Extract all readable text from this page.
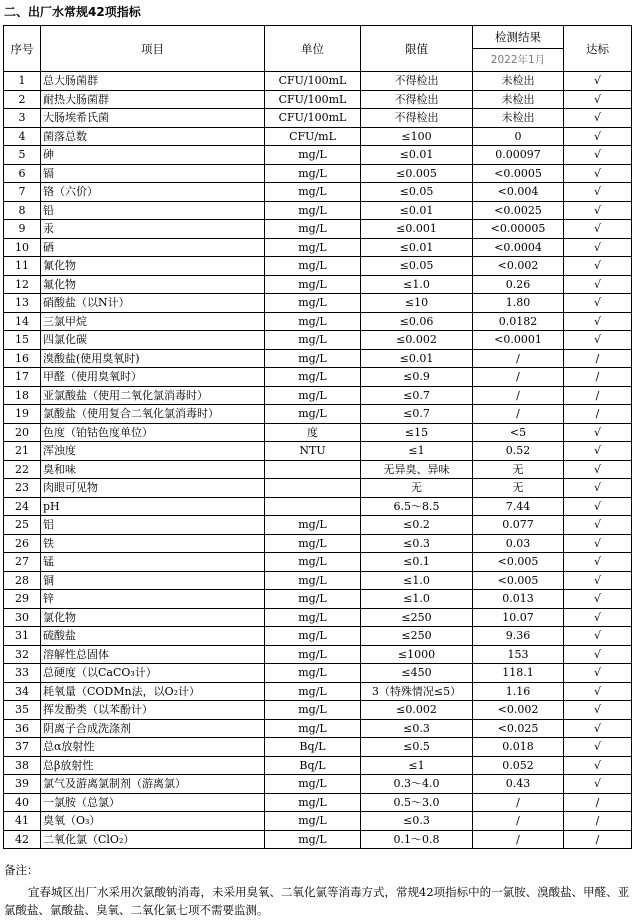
二、出厂水常规42项指标
序号	项目	单位	限值	检测结果	达标
				2022年1月	
1	总大肠菌群	CFU/100mL	不得检出	未检出	√
2	耐热大肠菌群	CFU/100mL	不得检出	未检出	√
3	大肠埃希氏菌	CFU/100mL	不得检出	未检出	√
4	菌落总数	CFU/mL	≤100	0	√
5	砷	mg/L	≤0.01	0.00097	√
6	镉	mg/L	≤0.005	<0.0005	√
7	铬（六价）	mg/L	≤0.05	<0.004	√
8	铅	mg/L	≤0.01	<0.0025	√
9	汞	mg/L	≤0.001	<0.00005	√
10	硒	mg/L	≤0.01	<0.0004	√
11	氰化物	mg/L	≤0.05	<0.002	√
12	氟化物	mg/L	≤1.0	0.26	√
13	硝酸盐（以N计）	mg/L	≤10	1.80	√
14	三氯甲烷	mg/L	≤0.06	0.0182	√
15	四氯化碳	mg/L	≤0.002	<0.0001	√
16	溴酸盐(使用臭氧时)	mg/L	≤0.01	/	/
17	甲醛（使用臭氧时）	mg/L	≤0.9	/	/
18	亚氯酸盐（使用二氧化氯消毒时）	mg/L	≤0.7	/	/
19	氯酸盐（使用复合二氧化氯消毒时）	mg/L	≤0.7	/	/
20	色度（铂钴色度单位）	度	≤15	<5	√
21	浑浊度	NTU	≤1	0.52	√
22	臭和味		无异臭、异味	无	√
23	肉眼可见物		无	无	√
24	pH		6.5～8.5	7.44	√
25	铝	mg/L	≤0.2	0.077	√
26	铁	mg/L	≤0.3	0.03	√
27	锰	mg/L	≤0.1	<0.005	√
28	铜	mg/L	≤1.0	<0.005	√
29	锌	mg/L	≤1.0	0.013	√
30	氯化物	mg/L	≤250	10.07	√
31	硫酸盐	mg/L	≤250	9.36	√
32	溶解性总固体	mg/L	≤1000	153	√
33	总硬度（以CaCO₃计）	mg/L	≤450	118.1	√
34	耗氧量（CODMn法，以O₂计）	mg/L	3（特殊情况≤5）	1.16	√
35	挥发酚类（以苯酚计）	mg/L	≤0.002	<0.002	√
36	阴离子合成洗涤剂	mg/L	≤0.3	<0.025	√
37	总α放射性	Bq/L	≤0.5	0.018	√
38	总β放射性	Bq/L	≤1	0.052	√
39	氯气及游离氯制剂（游离氯）	mg/L	0.3～4.0	0.43	√
40	一氯胺（总氯）	mg/L	0.5～3.0	/	/
41	臭氧（O₃）	mg/L	≤0.3	/	/
42	二氧化氯（ClO₂）	mg/L	0.1～0.8	/	/
备注：
宜春城区出厂水采用次氯酸钠消毒，未采用臭氧、二氧化氯等消毒方式，常规42项指标中的一氯胺、溴酸盐、甲醛、亚氯酸盐、氯酸盐、臭氧、二氧化氯七项不需要监测。
